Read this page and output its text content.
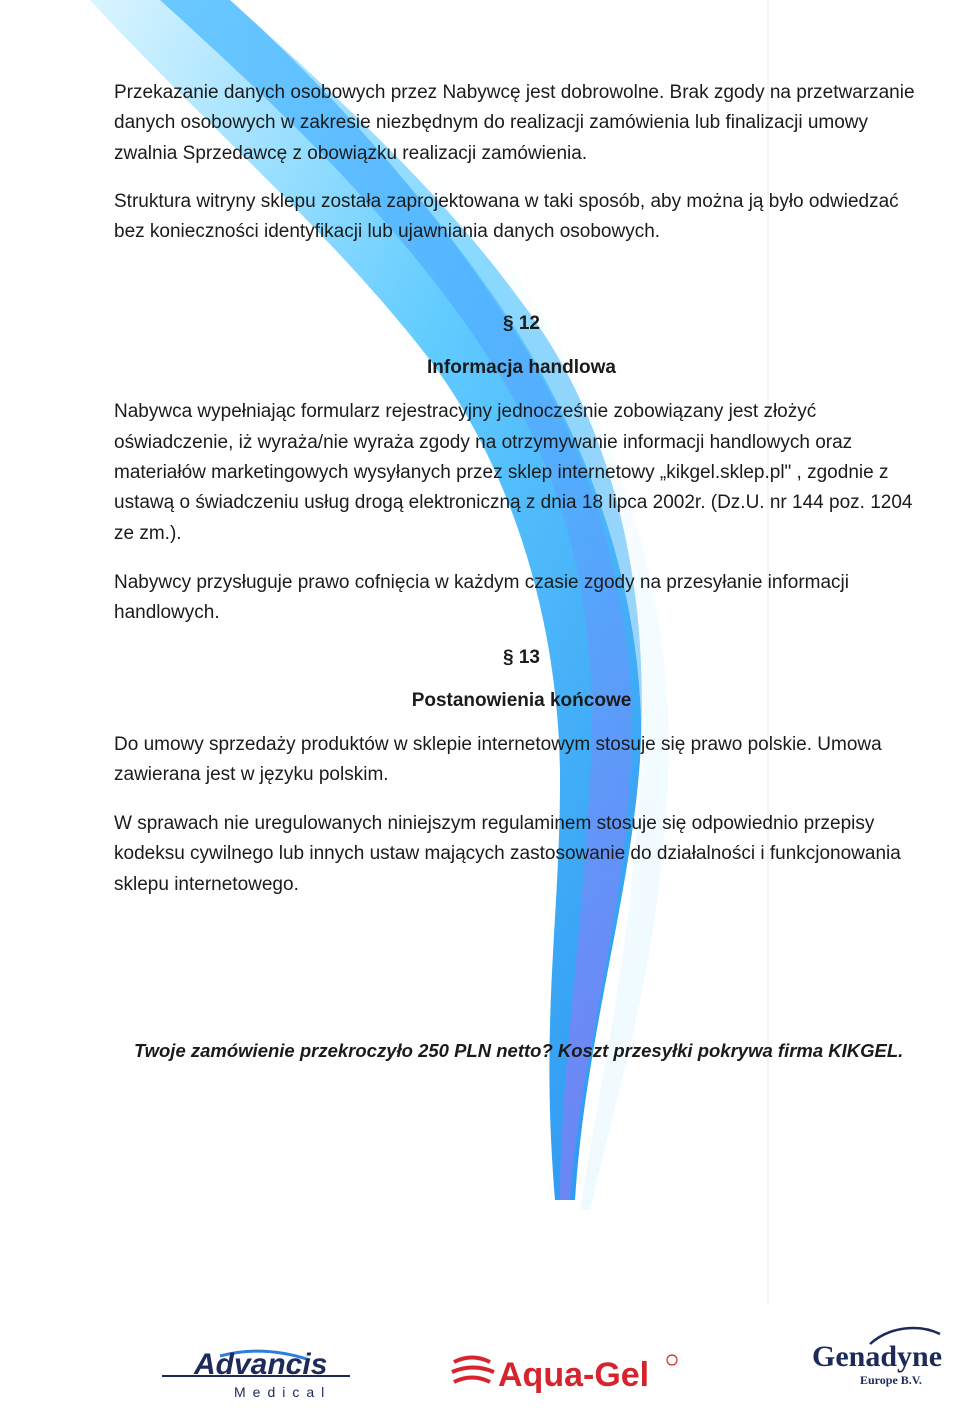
Przekazanie danych osobowych przez Nabywcę jest dobrowolne. Brak zgody na przetwarzanie danych osobowych w zakresie niezbędnym do realizacji zamówienia lub finalizacji umowy zwalnia Sprzedawcę z obowiązku realizacji zamówienia.

Struktura witryny sklepu została zaprojektowana w taki sposób, aby można ją było odwiedzać bez konieczności identyfikacji lub ujawniania danych osobowych.

§ 12

Informacja handlowa

Nabywca wypełniając formularz rejestracyjny jednocześnie zobowiązany jest złożyć oświadczenie, iż wyraża/nie wyraża zgody na otrzymywanie informacji handlowych oraz materiałów marketingowych wysyłanych przez sklep internetowy „kikgel.sklep.pl" , zgodnie z ustawą o świadczeniu usług drogą elektroniczną z dnia 18 lipca 2002r. (Dz.U. nr 144 poz. 1204 ze zm.).

Nabywcy przysługuje prawo cofnięcia w każdym czasie zgody na przesyłanie informacji handlowych.

§ 13

Postanowienia końcowe

Do umowy sprzedaży produktów w sklepie internetowym stosuje się prawo polskie. Umowa zawierana jest w języku polskim.

W sprawach nie uregulowanych niniejszym regulaminem stosuje się odpowiednio przepisy kodeksu cywilnego lub innych ustaw mających zastosowanie do działalności i funkcjonowania sklepu internetowego.

Twoje zamówienie przekroczyło 250 PLN netto? Koszt przesyłki pokrywa firma KIKGEL.

Advancis
Medical	Aqua-Gel	Genadyne
Europe B.V.
